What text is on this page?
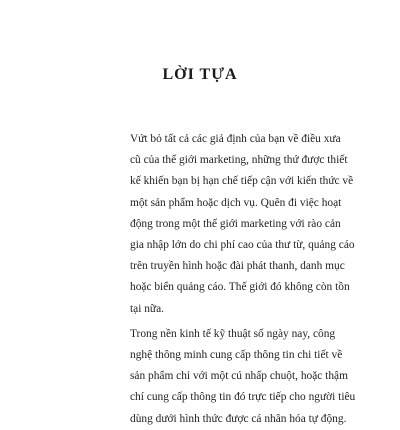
LỜI TỰA

Vứt bỏ tất cả các giả định của bạn về điều xưa
cũ của thế giới marketing, những thứ được thiết
kế khiến bạn bị hạn chế tiếp cận với kiến thức về
một sản phẩm hoặc dịch vụ. Quên đi việc hoạt
động trong một thế giới marketing với rào cản
gia nhập lớn do chi phí cao của thư từ, quảng cáo
trên truyền hình hoặc đài phát thanh, danh mục
hoặc biển quảng cáo. Thế giới đó không còn tồn
tại nữa.

Trong nền kinh tế kỹ thuật số ngày nay, công
nghệ thông minh cung cấp thông tin chi tiết về
sản phẩm chỉ với một cú nhấp chuột, hoặc thậm
chí cung cấp thông tin đó trực tiếp cho người tiêu
dùng dưới hình thức được cá nhân hóa tự động.
